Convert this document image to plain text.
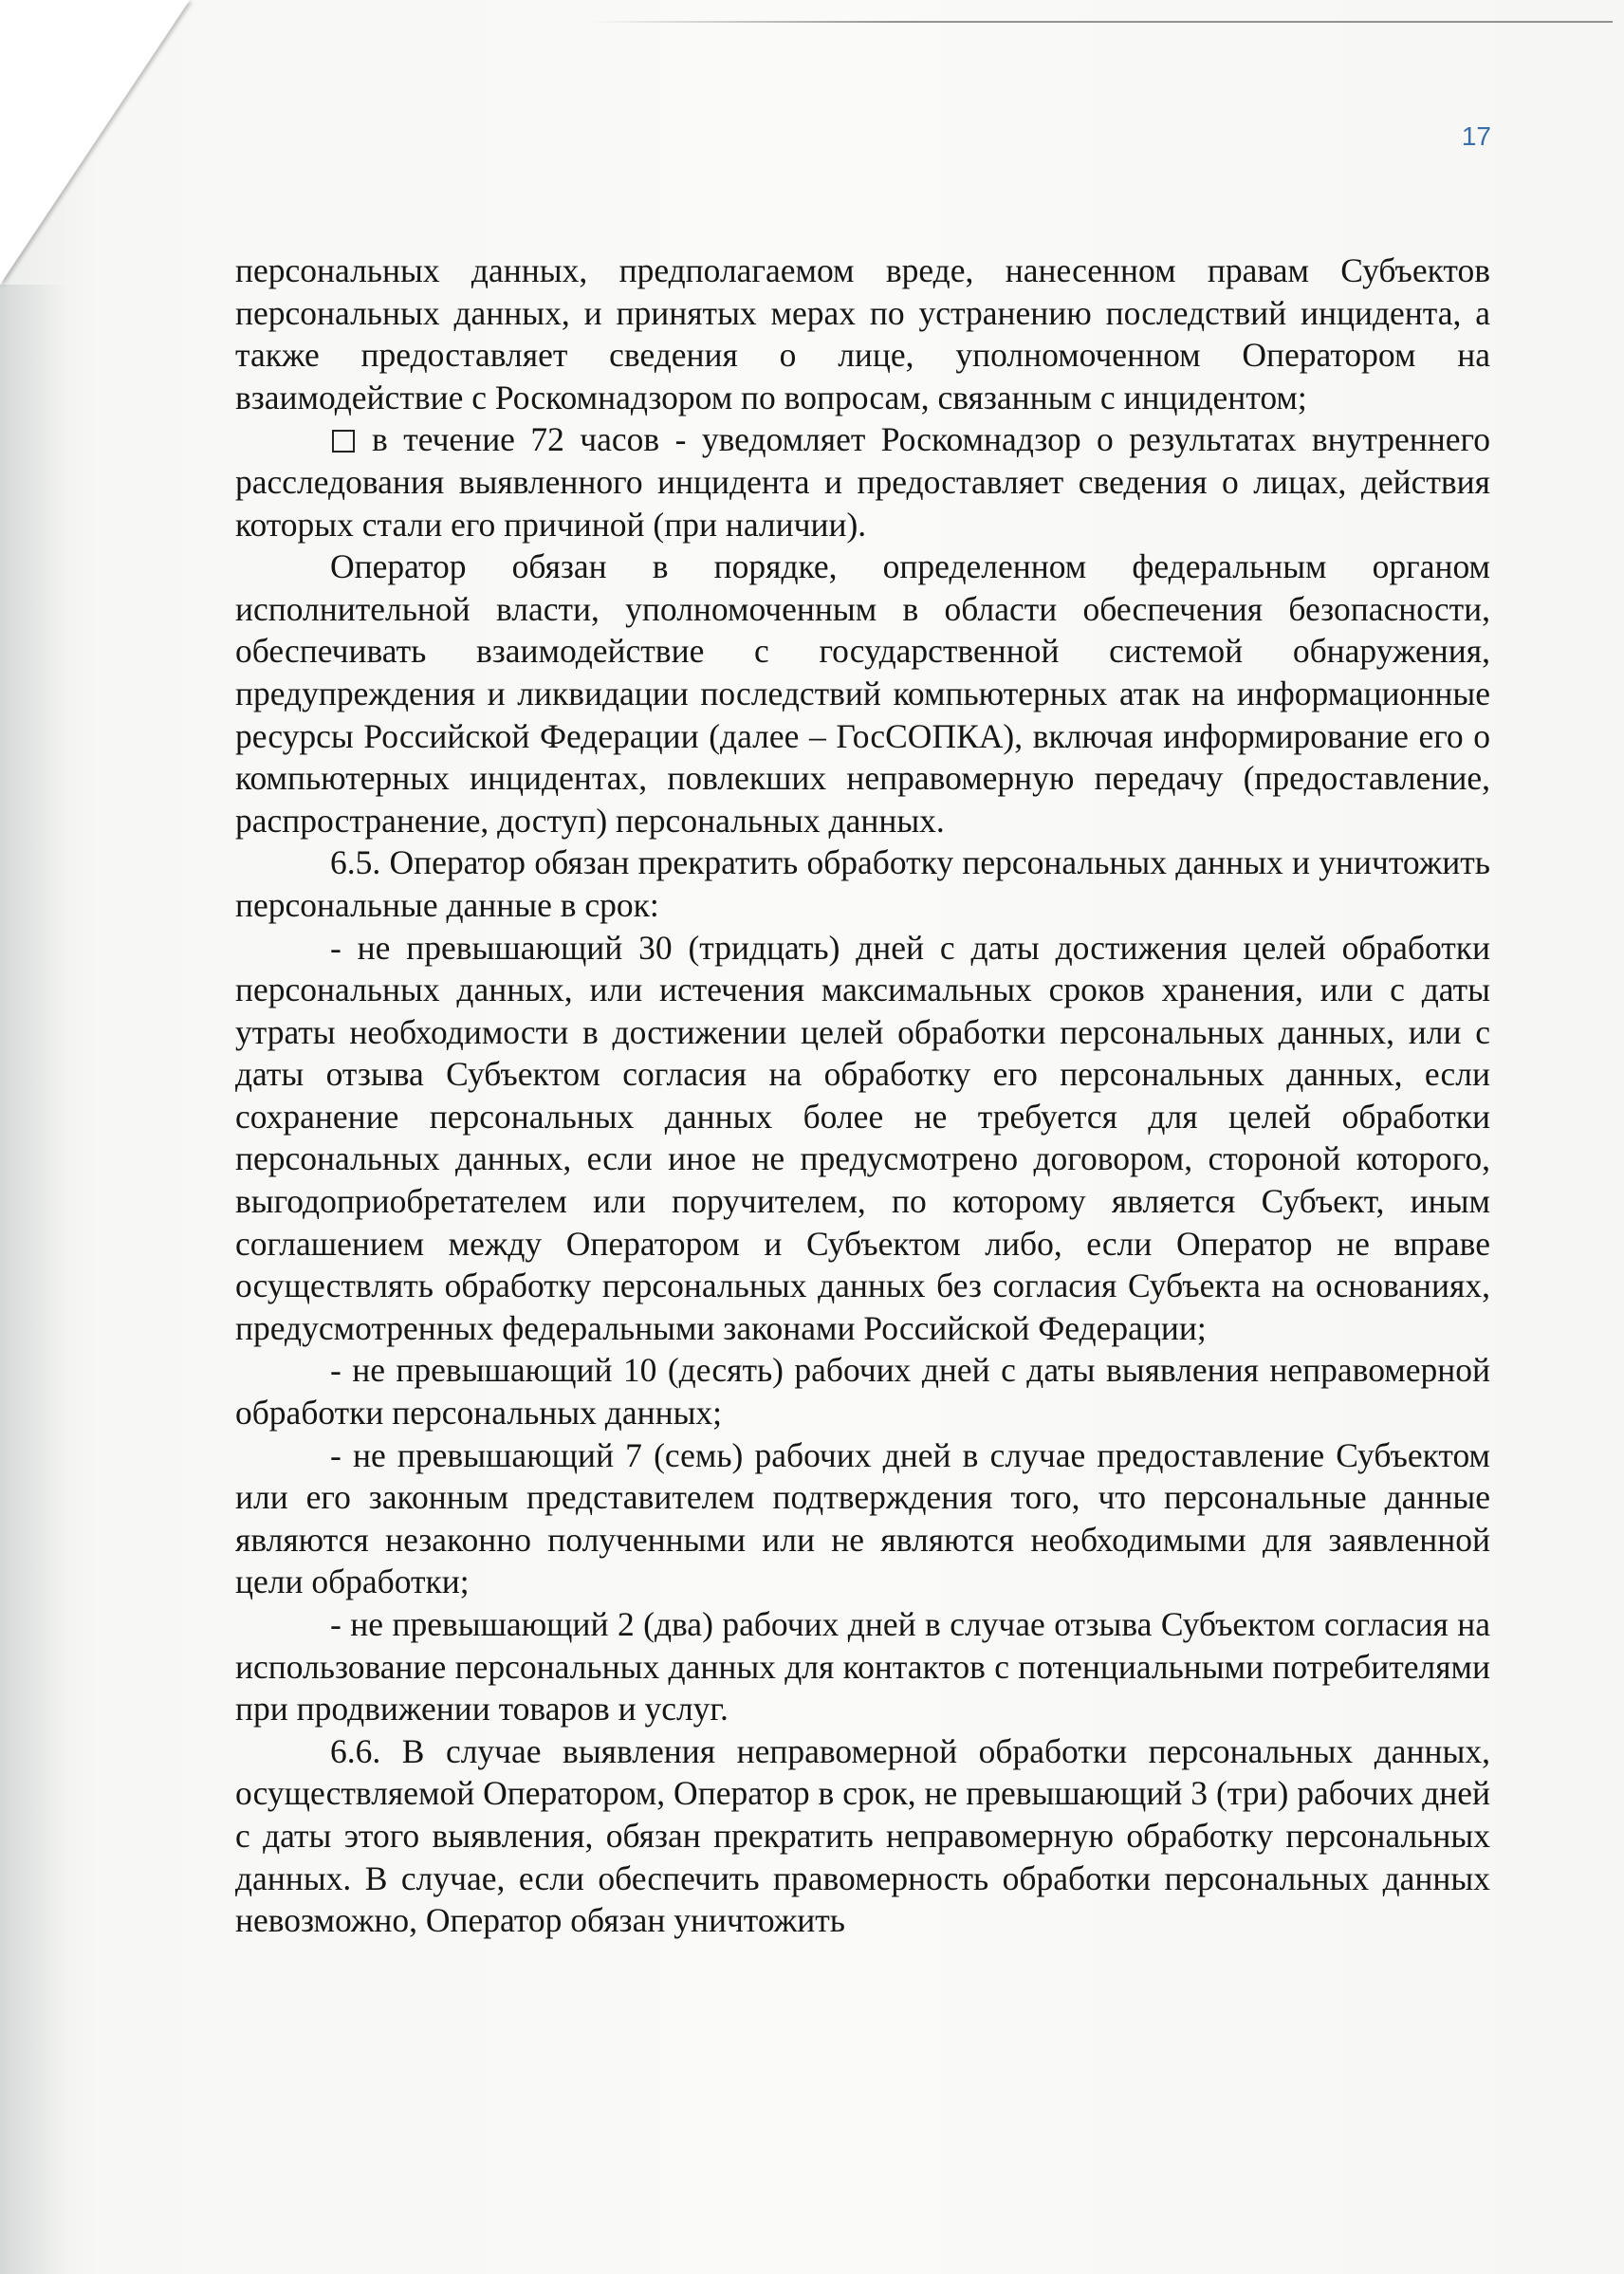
17

персональных данных, предполагаемом вреде, нанесенном правам Субъектов персональных данных, и принятых мерах по устранению последствий инцидента, а также предоставляет сведения о лице, уполномоченном Оператором на взаимодействие с Роскомнадзором по вопросам, связанным с инцидентом;

в течение 72 часов - уведомляет Роскомнадзор о результатах внутреннего расследования выявленного инцидента и предоставляет сведения о лицах, действия которых стали его причиной (при наличии).

Оператор обязан в порядке, определенном федеральным органом исполнительной власти, уполномоченным в области обеспечения безопасности, обеспечивать взаимодействие с государственной системой обнаружения, предупреждения и ликвидации последствий компьютерных атак на информационные ресурсы Российской Федерации (далее – ГосСОПКА), включая информирование его о компьютерных инцидентах, повлекших неправомерную передачу (предоставление, распространение, доступ) персональных данных.

6.5. Оператор обязан прекратить обработку персональных данных и уничтожить персональные данные в срок:

- не превышающий 30 (тридцать) дней с даты достижения целей обработки персональных данных, или истечения максимальных сроков хранения, или с даты утраты необходимости в достижении целей обработки персональных данных, или с даты отзыва Субъектом согласия на обработку его персональных данных, если сохранение персональных данных более не требуется для целей обработки персональных данных, если иное не предусмотрено договором, стороной которого, выгодоприобретателем или поручителем, по которому является Субъект, иным соглашением между Оператором и Субъектом либо, если Оператор не вправе осуществлять обработку персональных данных без согласия Субъекта на основаниях, предусмотренных федеральными законами Российской Федерации;

- не превышающий 10 (десять) рабочих дней с даты выявления неправомерной обработки персональных данных;

- не превышающий 7 (семь) рабочих дней в случае предоставление Субъектом или его законным представителем подтверждения того, что персональные данные являются незаконно полученными или не являются необходимыми для заявленной цели обработки;

- не превышающий 2 (два) рабочих дней в случае отзыва Субъектом согласия на использование персональных данных для контактов с потенциальными потребителями при продвижении товаров и услуг.

6.6. В случае выявления неправомерной обработки персональных данных, осуществляемой Оператором, Оператор в срок, не превышающий 3 (три) рабочих дней с даты этого выявления, обязан прекратить неправомерную обработку персональных данных. В случае, если обеспечить правомерность обработки персональных данных невозможно, Оператор обязан уничтожить
